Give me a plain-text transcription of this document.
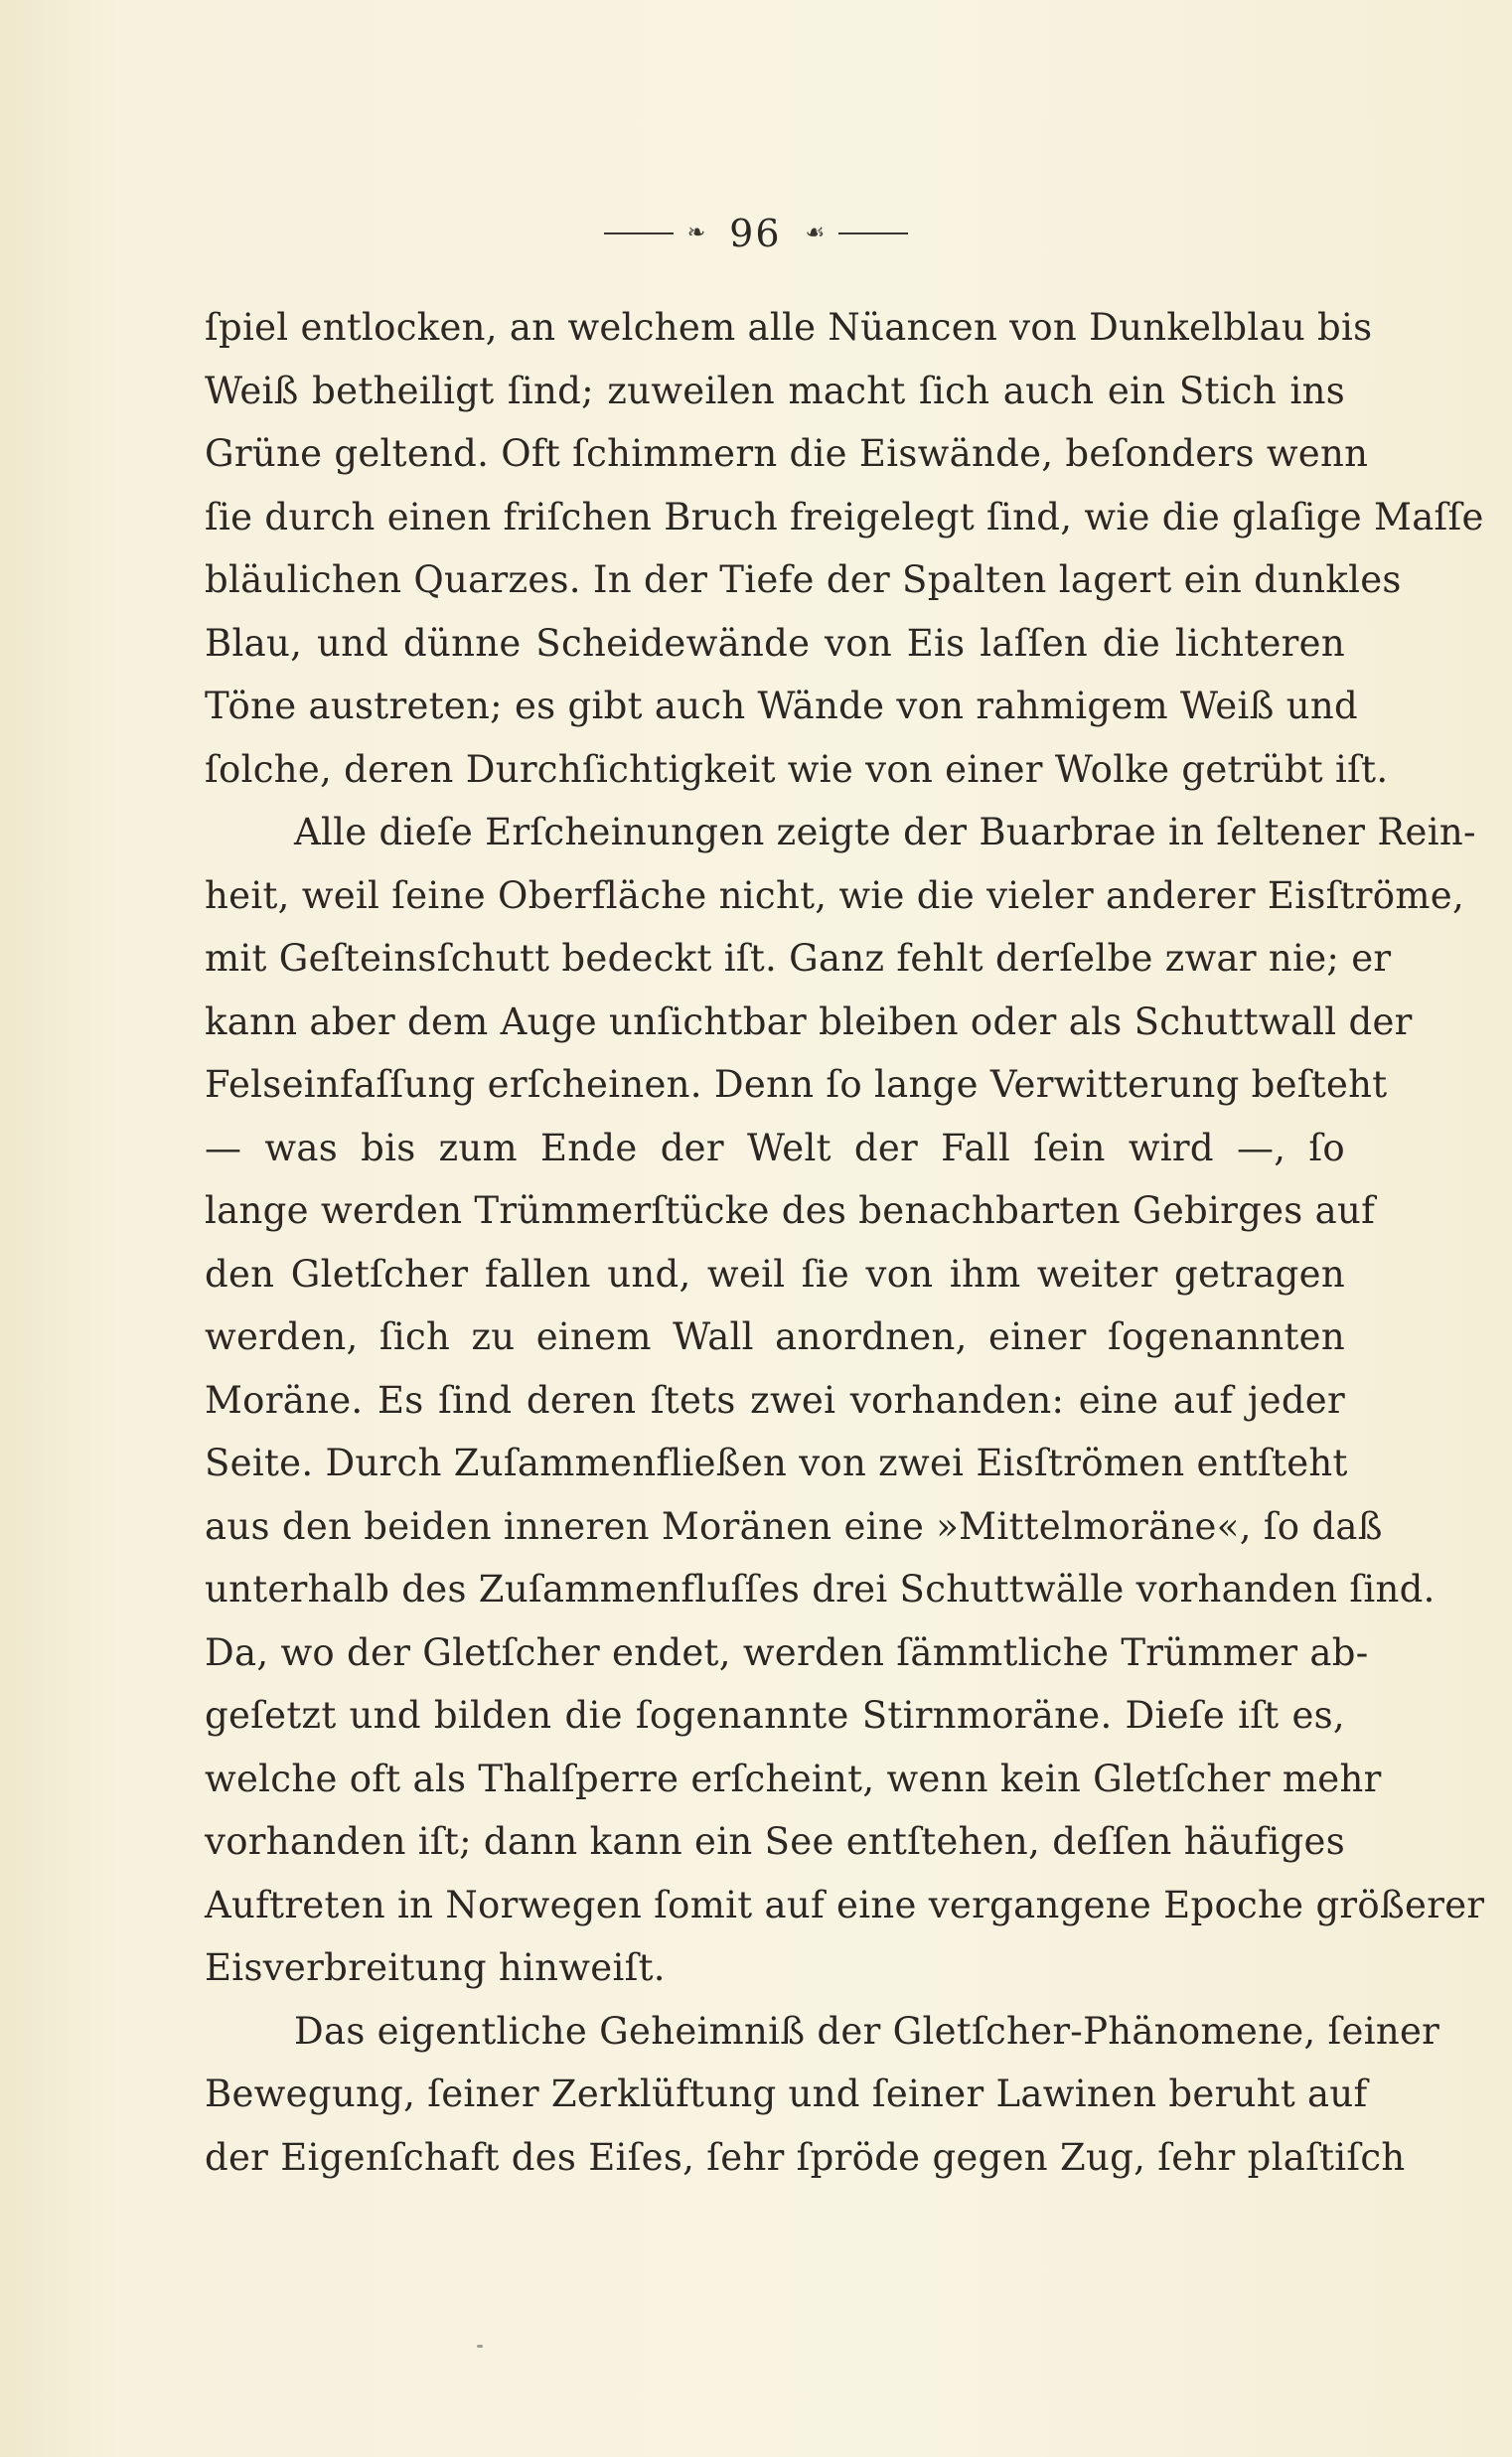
❧ 96 ☙
ſpiel entlocken, an welchem alle Nüancen von Dunkelblau bis
Weiß betheiligt ſind; zuweilen macht ſich auch ein Stich ins
Grüne geltend. Oft ſchimmern die Eiswände, beſonders wenn
ſie durch einen friſchen Bruch freigelegt ſind, wie die glaſige Maſſe
bläulichen Quarzes. In der Tiefe der Spalten lagert ein dunkles
Blau, und dünne Scheidewände von Eis laſſen die lichteren
Töne austreten; es gibt auch Wände von rahmigem Weiß und
ſolche, deren Durchſichtigkeit wie von einer Wolke getrübt iſt.
Alle dieſe Erſcheinungen zeigte der Buarbrae in ſeltener Rein-
heit, weil ſeine Oberfläche nicht, wie die vieler anderer Eisſtröme,
mit Geſteinsſchutt bedeckt iſt. Ganz fehlt derſelbe zwar nie; er
kann aber dem Auge unſichtbar bleiben oder als Schuttwall der
Felseinfaſſung erſcheinen. Denn ſo lange Verwitterung beſteht
— was bis zum Ende der Welt der Fall ſein wird —, ſo
lange werden Trümmerſtücke des benachbarten Gebirges auf
den Gletſcher fallen und, weil ſie von ihm weiter getragen
werden, ſich zu einem Wall anordnen, einer ſogenannten
Moräne. Es ſind deren ſtets zwei vorhanden: eine auf jeder
Seite. Durch Zuſammenfließen von zwei Eisſtrömen entſteht
aus den beiden inneren Moränen eine »Mittelmoräne«, ſo daß
unterhalb des Zuſammenfluſſes drei Schuttwälle vorhanden ſind.
Da, wo der Gletſcher endet, werden ſämmtliche Trümmer ab-
geſetzt und bilden die ſogenannte Stirnmoräne. Dieſe iſt es,
welche oft als Thalſperre erſcheint, wenn kein Gletſcher mehr
vorhanden iſt; dann kann ein See entſtehen, deſſen häufiges
Auftreten in Norwegen ſomit auf eine vergangene Epoche größerer
Eisverbreitung hinweiſt.
Das eigentliche Geheimniß der Gletſcher-Phänomene, ſeiner
Bewegung, ſeiner Zerklüftung und ſeiner Lawinen beruht auf
der Eigenſchaft des Eiſes, ſehr ſpröde gegen Zug, ſehr plaſtiſch
